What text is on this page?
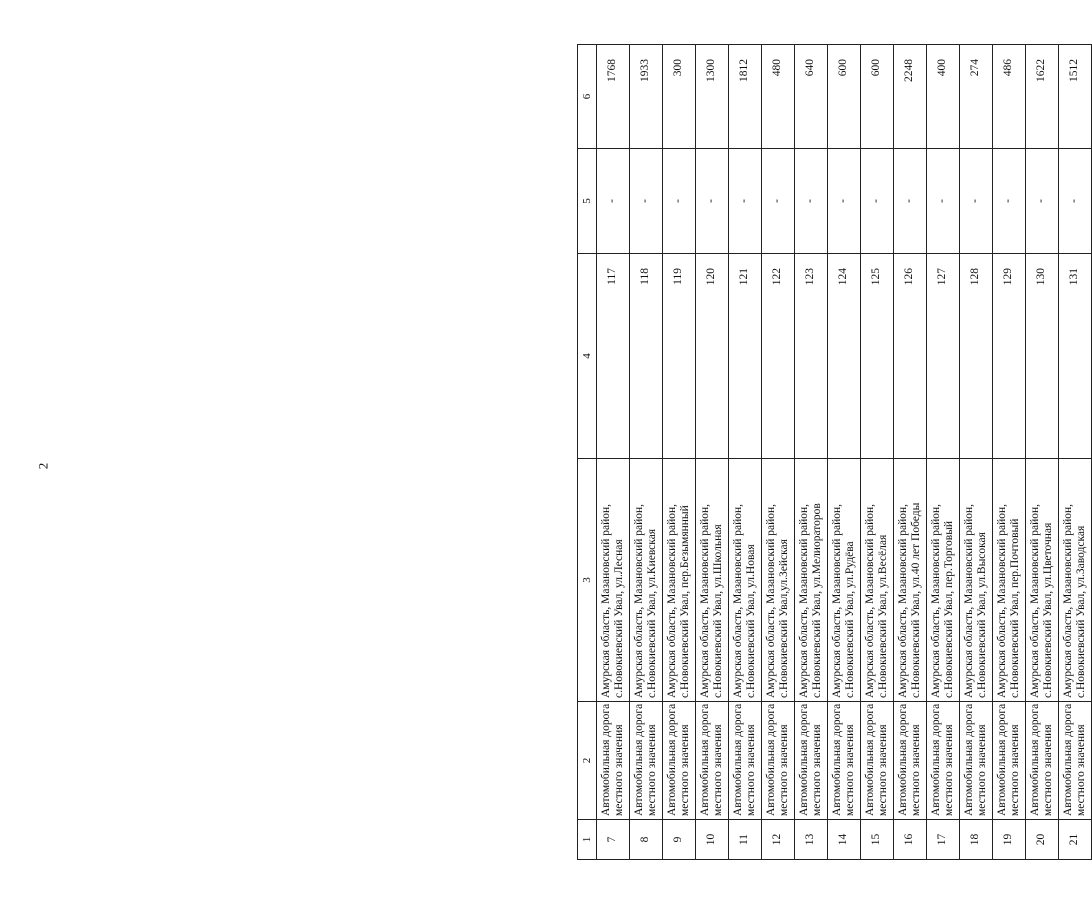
2
1	2	3	4	5	6

7	Автомобильная дорога местного значения	Амурская область, Мазановский район, с.Новокиевский Увал, ул.Лесная	117	-	1768

8	Автомобильная дорога местного значения	Амурская область, Мазановский район, с.Новокиевский Увал, ул.Киевская	118	-	1933

9	Автомобильная дорога местного значения	Амурская область, Мазановский район, с.Новокиевский Увал, пер.Безымянный	119	-	300

10	Автомобильная дорога местного значения	Амурская область, Мазановский район, с.Новокиевский Увал, ул.Школьная	120	-	1300

11	Автомобильная дорога местного значения	Амурская область, Мазановский район, с.Новокиевский Увал, ул.Новая	121	-	1812

12	Автомобильная дорога местного значения	Амурская область, Мазановский район, с.Новокиевский Увал,ул.Зейская	122	-	480

13	Автомобильная дорога местного значения	Амурская область, Мазановский район, с.Новокиевский Увал, ул.Мелиораторов	123	-	640

14	Автомобильная дорога местного значения	Амурская область, Мазановский район, с.Новокиевский Увал, ул.Рудёва	124	-	600

15	Автомобильная дорога местного значения	Амурская область, Мазановский район, с.Новокиевский Увал, ул.Весёлая	125	-	600

16	Автомобильная дорога местного значения	Амурская область, Мазановский район, с.Новокиевский Увал, ул.40 лет Победы	126	-	2248

17	Автомобильная дорога местного значения	Амурская область, Мазановский район, с.Новокиевский Увал, пер.Торговый	127	-	400

18	Автомобильная дорога местного значения	Амурская область, Мазановский район, с.Новокиевский Увал, ул.Высокая	128	-	274

19	Автомобильная дорога местного значения	Амурская область, Мазановский район, с.Новокиевский Увал, пер.Почтовый	129	-	486

20	Автомобильная дорога местного значения	Амурская область, Мазановский район, с.Новокиевский Увал, ул.Цветочная	130	-	1622

21	Автомобильная дорога местного значения	Амурская область, Мазановский район, с.Новокиевский Увал, ул.Заводская	131	-	1512
